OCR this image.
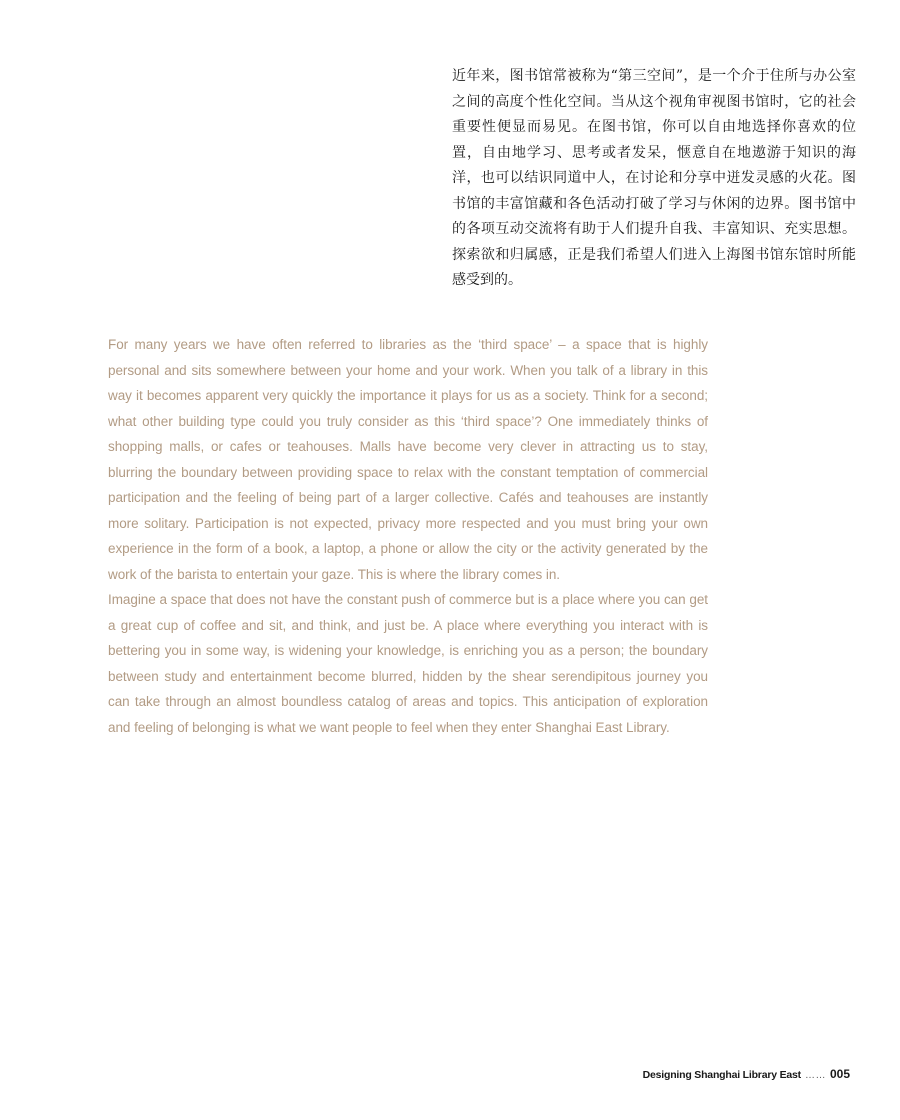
近年来，图书馆常被称为“第三空间”，是一个介于住所与办公室之间的高度个性化空间。当从这个视角审视图书馆时，它的社会重要性便显而易见。在图书馆，你可以自由地选择你喜欢的位置，自由地学习、思考或者发呆，惬意自在地遨游于知识的海洋，也可以结识同道中人，在讨论和分享中迸发灵感的火花。图书馆的丰富馆藏和各色活动打破了学习与休闲的边界。图书馆中的各项互动交流将有助于人们提升自我、丰富知识、充实思想。探索欲和归属感，正是我们希望人们进入上海图书馆东馆时所能感受到的。

For many years we have often referred to libraries as the ‘third space’ – a space that is highly personal and sits somewhere between your home and your work. When you talk of a library in this way it becomes apparent very quickly the importance it plays for us as a society. Think for a second; what other building type could you truly consider as this ‘third space’? One immediately thinks of shopping malls, or cafes or teahouses. Malls have become very clever in attracting us to stay, blurring the boundary between providing space to relax with the constant temptation of commercial participation and the feeling of being part of a larger collective. Cafés and teahouses are instantly more solitary. Participation is not expected, privacy more respected and you must bring your own experience in the form of a book, a laptop, a phone or allow the city or the activity generated by the work of the barista to entertain your gaze. This is where the library comes in.
Imagine a space that does not have the constant push of commerce but is a place where you can get a great cup of coffee and sit, and think, and just be. A place where everything you interact with is bettering you in some way, is widening your knowledge, is enriching you as a person; the boundary between study and entertainment become blurred, hidden by the shear serendipitous journey you can take through an almost boundless catalog of areas and topics. This anticipation of exploration and feeling of belonging is what we want people to feel when they enter Shanghai East Library.
Designing Shanghai Library East …… 005
